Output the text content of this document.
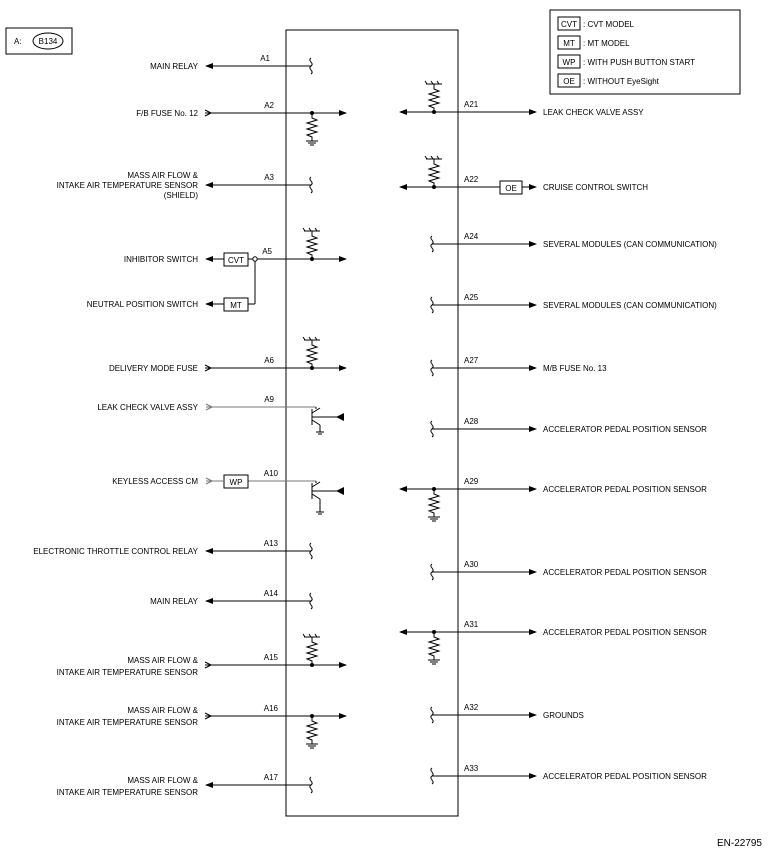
A: B134
CVT : CVT MODEL
MT : MT MODEL
WP : WITH PUSH BUTTON START
OE : WITHOUT EyeSight
A1
MAIN RELAY
A2
F/B FUSE No. 12
A3
MASS AIR FLOW &
INTAKE AIR TEMPERATURE SENSOR
(SHIELD)
CVT
A5
INHIBITOR SWITCH
MT
NEUTRAL POSITION SWITCH
A6
DELIVERY MODE FUSE
A9
LEAK CHECK VALVE ASSY
WP
A10
KEYLESS ACCESS CM
A13
ELECTRONIC THROTTLE CONTROL RELAY
A14
MAIN RELAY
A15
MASS AIR FLOW &
INTAKE AIR TEMPERATURE SENSOR
A16
MASS AIR FLOW &
INTAKE AIR TEMPERATURE SENSOR
A17
MASS AIR FLOW &
INTAKE AIR TEMPERATURE SENSOR
A21
LEAK CHECK VALVE ASSY
OE
A22
CRUISE CONTROL SWITCH
A24
SEVERAL MODULES (CAN COMMUNICATION)
A25
SEVERAL MODULES (CAN COMMUNICATION)
A27
M/B FUSE No. 13
A28
ACCELERATOR PEDAL POSITION SENSOR
A29
ACCELERATOR PEDAL POSITION SENSOR
A30
ACCELERATOR PEDAL POSITION SENSOR
A31
ACCELERATOR PEDAL POSITION SENSOR
A32
GROUNDS
A33
ACCELERATOR PEDAL POSITION SENSOR
EN-22795
